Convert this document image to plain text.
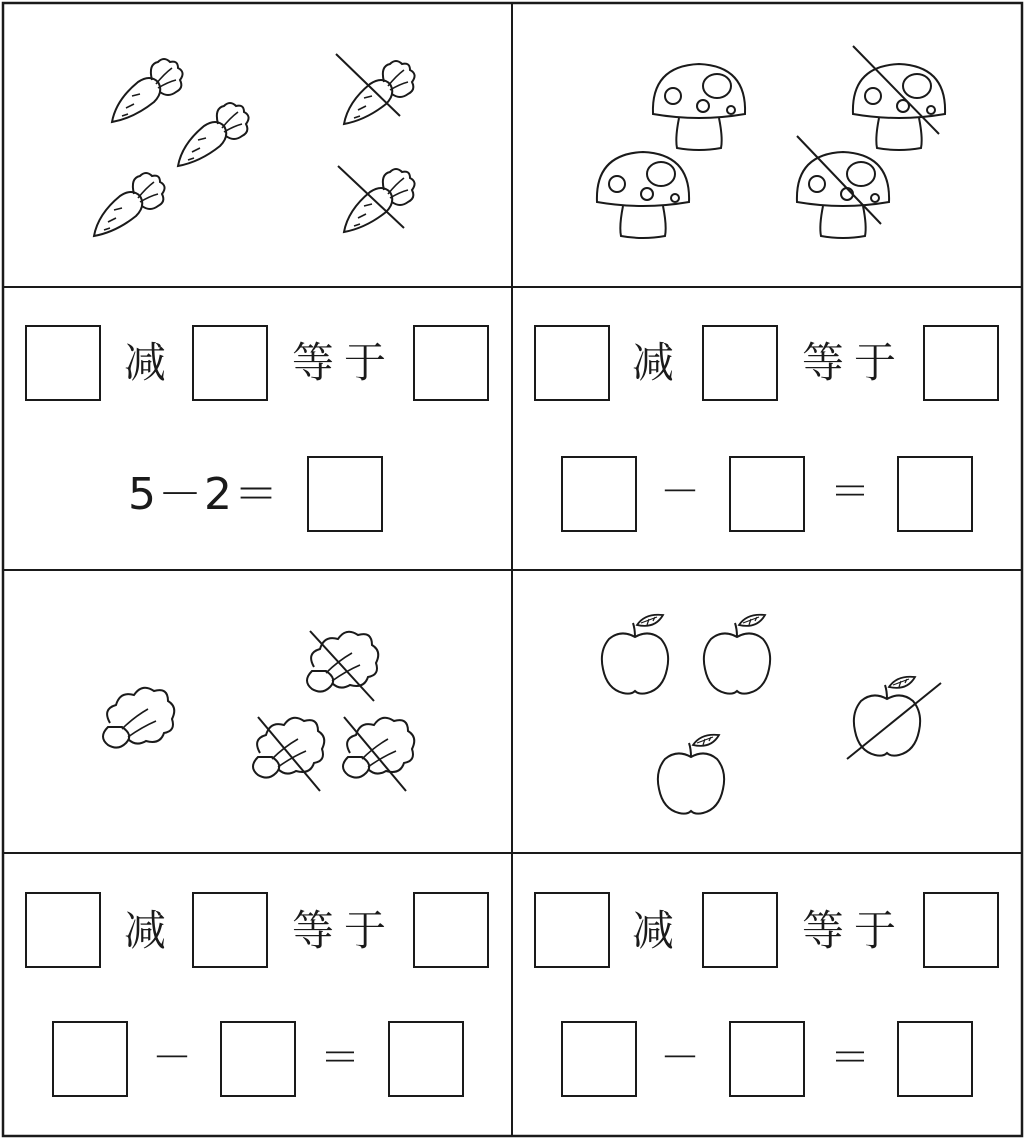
减	等于
5－2＝
减	等于
－	＝
减	等于
－	＝
减	等于
－	＝
